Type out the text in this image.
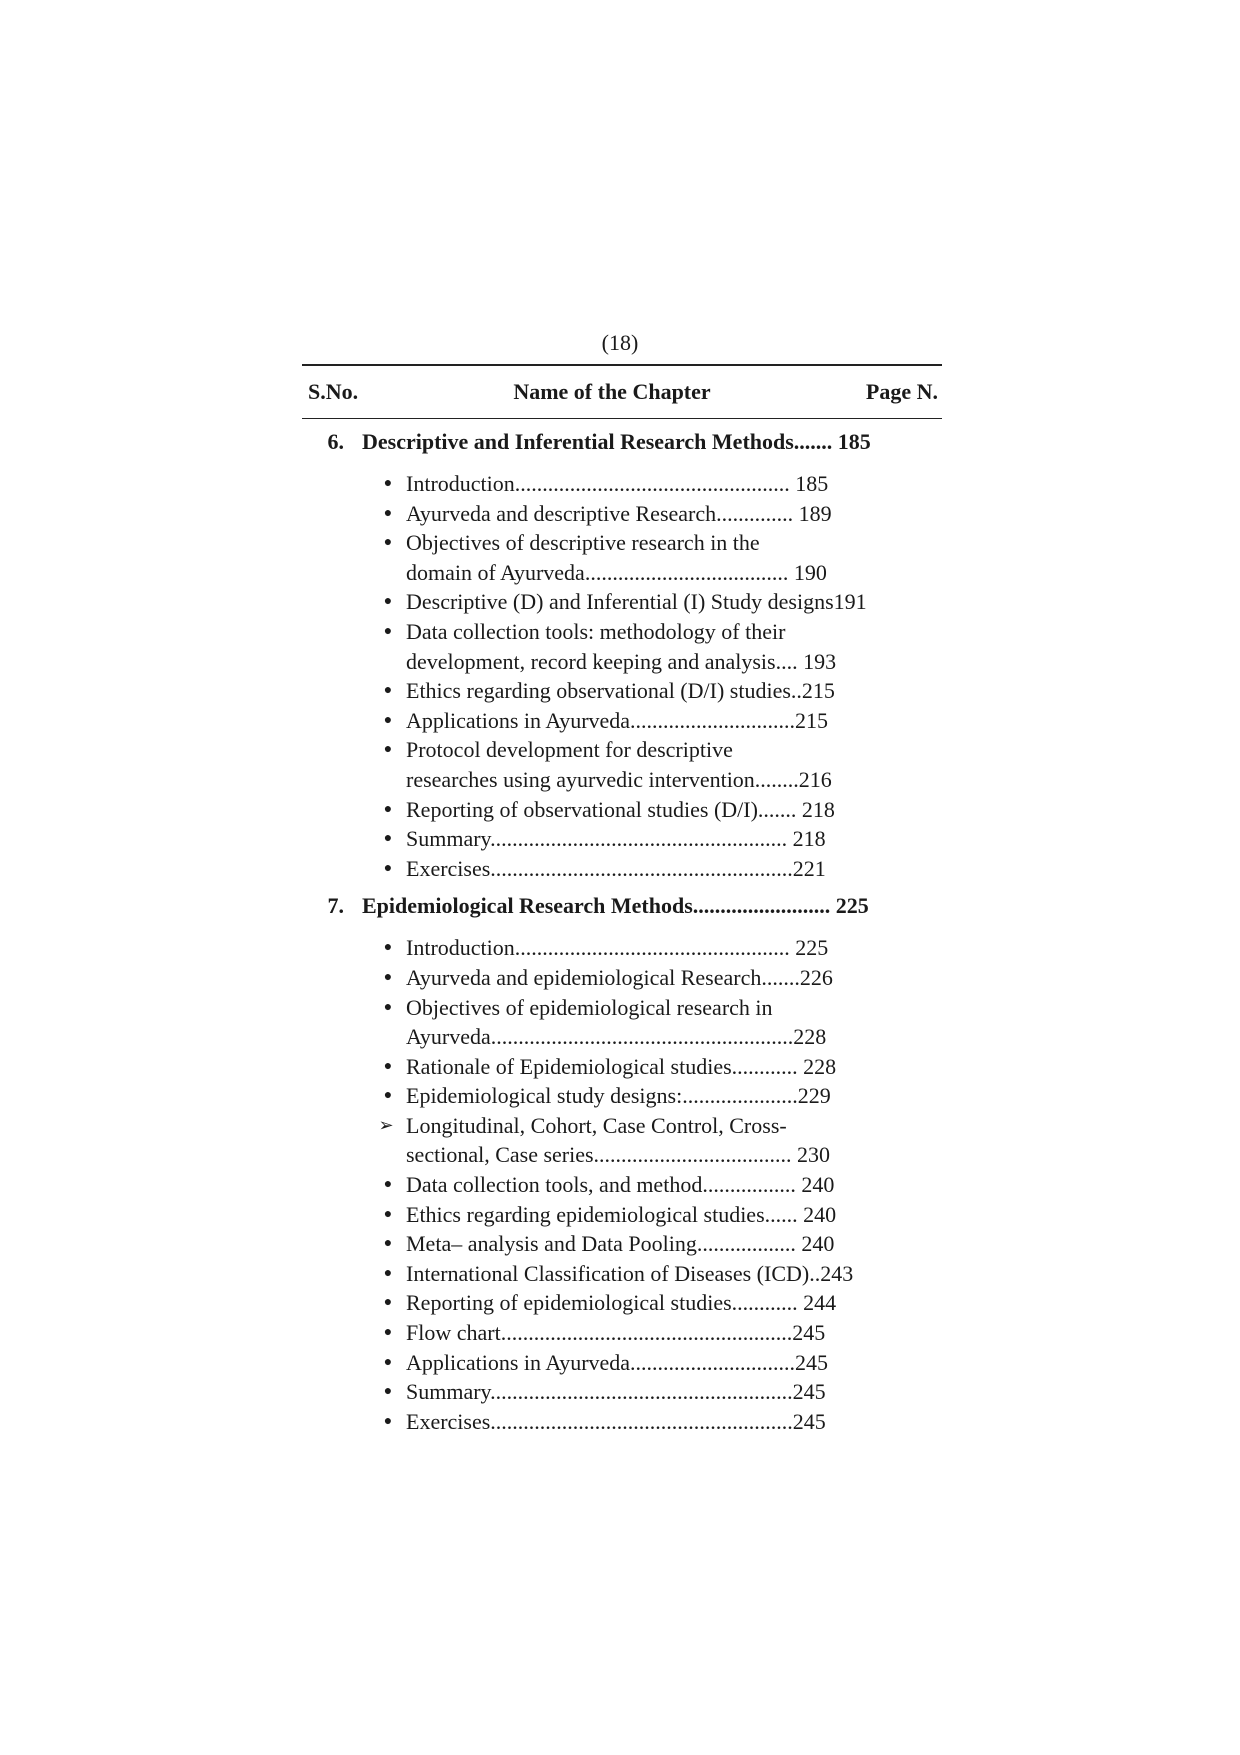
(18)
S.No.	Name of the Chapter	Page N.
6. Descriptive and Inferential Research Methods....... 185
● Introduction.................................................. 185
● Ayurveda and descriptive Research.............. 189
● Objectives of descriptive research in the
domain of Ayurveda..................................... 190
● Descriptive (D) and Inferential (I) Study designs191
● Data collection tools: methodology of their
development, record keeping and analysis.... 193
● Ethics regarding observational (D/I) studies..215
● Applications in Ayurveda..............................215
● Protocol development for descriptive
researches using ayurvedic intervention........216
● Reporting of observational studies (D/I)....... 218
● Summary...................................................... 218
● Exercises.......................................................221
7. Epidemiological Research Methods......................... 225
● Introduction.................................................. 225
● Ayurveda and epidemiological Research.......226
● Objectives of epidemiological research in
Ayurveda.......................................................228
● Rationale of Epidemiological studies............ 228
● Epidemiological study designs:.....................229
➢ Longitudinal, Cohort, Case Control, Cross-
sectional, Case series.................................... 230
● Data collection tools, and method................. 240
● Ethics regarding epidemiological studies...... 240
● Meta– analysis and Data Pooling.................. 240
● International Classification of Diseases (ICD)..243
● Reporting of epidemiological studies............ 244
● Flow chart.....................................................245
● Applications in Ayurveda..............................245
● Summary.......................................................245
● Exercises.......................................................245
